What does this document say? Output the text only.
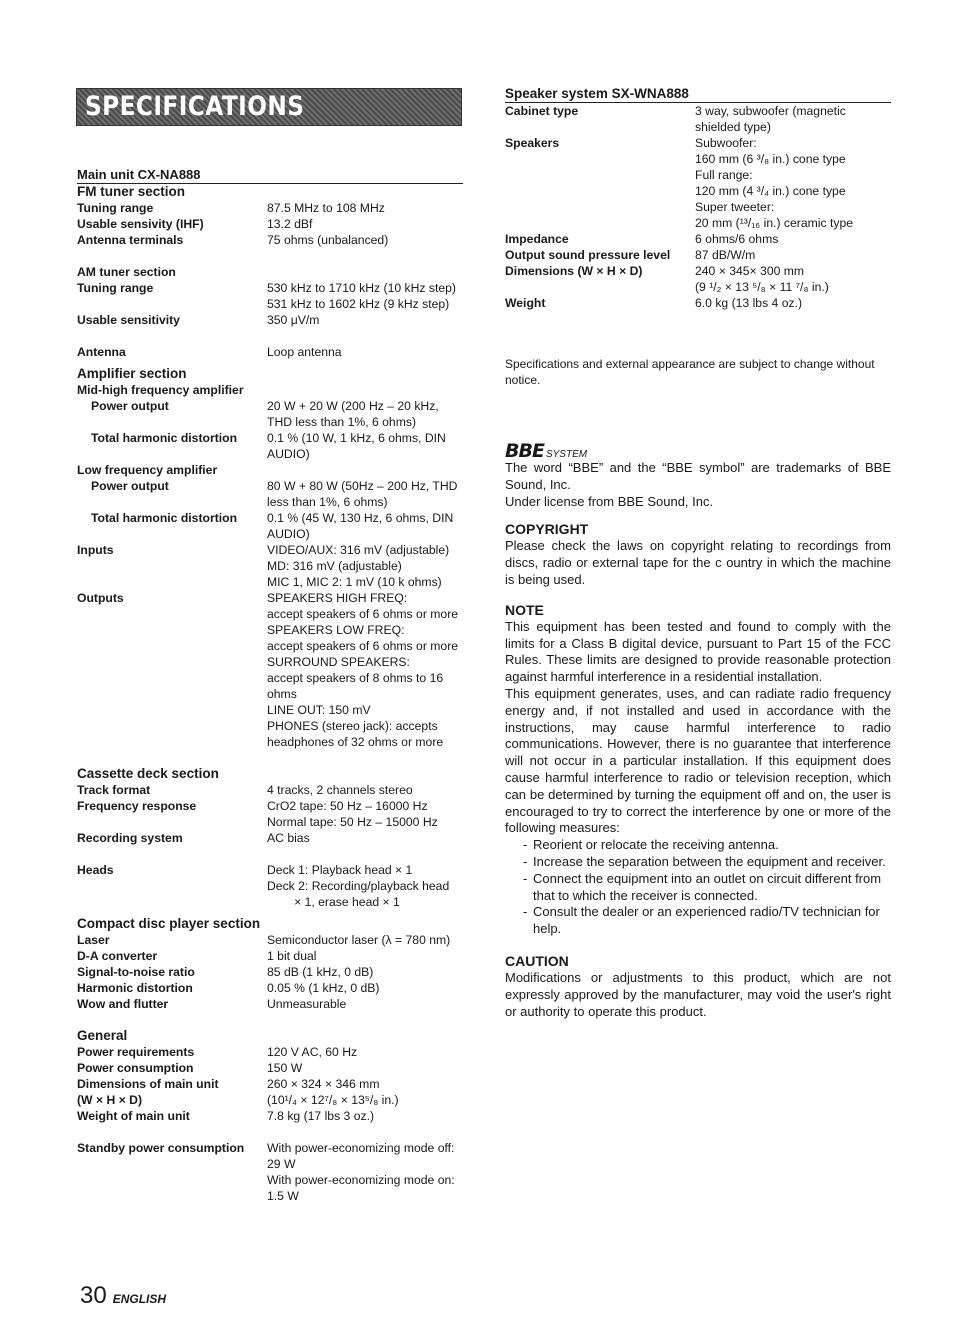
SPECIFICATIONS
Main unit CX-NA888
FM tuner section
Tuning range	87.5 MHz to 108 MHz
Usable sensivity (IHF)	13.2 dBf
Antenna terminals	75 ohms (unbalanced)
AM tuner section
Tuning range	530 kHz to 1710 kHz (10 kHz step)
531 kHz to 1602 kHz (9 kHz step)
Usable sensitivity	350 μV/m
Antenna	Loop antenna
Amplifier section
Mid-high frequency amplifier
Power output	20 W + 20 W (200 Hz – 20 kHz,
THD less than 1%, 6 ohms)
Total harmonic distortion	0.1 % (10 W, 1 kHz, 6 ohms, DIN
AUDIO)
Low frequency amplifier
Power output	80 W + 80 W (50Hz – 200 Hz, THD
less than 1%, 6 ohms)
Total harmonic distortion	0.1 % (45 W, 130 Hz, 6 ohms, DIN
AUDIO)
Inputs	VIDEO/AUX: 316 mV (adjustable)
MD: 316 mV (adjustable)
MIC 1, MIC 2: 1 mV (10 k ohms)
Outputs	SPEAKERS HIGH FREQ:
accept speakers of 6 ohms or more
SPEAKERS LOW FREQ:
accept speakers of 6 ohms or more
SURROUND SPEAKERS:
accept speakers of 8 ohms to 16
ohms
LINE OUT: 150 mV
PHONES (stereo jack): accepts
headphones of 32 ohms or more
Cassette deck section
Track format	4 tracks, 2 channels stereo
Frequency response	CrO2 tape: 50 Hz – 16000 Hz
Normal tape: 50 Hz – 15000 Hz
Recording system	AC bias
Heads	Deck 1: Playback head × 1
Deck 2: Recording/playback head
× 1, erase head × 1
Compact disc player section
Laser	Semiconductor laser (λ = 780 nm)
D-A converter	1 bit dual
Signal-to-noise ratio	85 dB (1 kHz, 0 dB)
Harmonic distortion	0.05 % (1 kHz, 0 dB)
Wow and flutter	Unmeasurable
General
Power requirements	120 V AC, 60 Hz
Power consumption	150 W
Dimensions of main unit	260 × 324 × 346 mm
(W × H × D)	(10¹/₄ × 12⁷/₈ × 13⁵/₈ in.)
Weight of main unit	7.8 kg (17 lbs 3 oz.)
Standby power consumption	With power-economizing mode off:
29 W
With power-economizing mode on:
1.5 W
Speaker system SX-WNA888
Cabinet type	3 way, subwoofer (magnetic
shielded type)
Speakers	Subwoofer:
160 mm (6 ³/₈ in.) cone type
Full range:
120 mm (4 ³/₄ in.) cone type
Super tweeter:
20 mm (¹³/₁₆ in.) ceramic type
Impedance	6 ohms/6 ohms
Output sound pressure level	87 dB/W/m
Dimensions (W × H × D)	240 × 345× 300 mm
(9 ¹/₂ × 13 ⁵/₈ × 11 ⁷/₈ in.)
Weight	6.0 kg (13 lbs 4 oz.)

Specifications and external appearance are subject to change without notice.

BBE SYSTEM

The word “BBE” and the “BBE symbol” are trademarks of BBE Sound, Inc.

Under license from BBE Sound, Inc.

COPYRIGHT

Please check the laws on copyright relating to recordings from discs, radio or external tape for the c ountry in which the machine is being used.

NOTE

This equipment has been tested and found to comply with the limits for a Class B digital device, pursuant to Part 15 of the FCC Rules. These limits are designed to provide reasonable protection against harmful interference in a residential installation.

This equipment generates, uses, and can radiate radio frequency energy and, if not installed and used in accordance with the instructions, may cause harmful interference to radio communications. However, there is no guarantee that interference will not occur in a particular installation. If this equipment does cause harmful interference to radio or television reception, which can be determined by turning the equipment off and on, the user is encouraged to try to correct the interference by one or more of the following measures:

- Reorient or relocate the receiving antenna.
- Increase the separation between the equipment and receiver.
- Connect the equipment into an outlet on circuit different from that to which the receiver is connected.
- Consult the dealer or an experienced radio/TV technician for help.
CAUTION

Modifications or adjustments to this product, which are not expressly approved by the manufacturer, may void the user's right or authority to operate this product.

30 ENGLISH
